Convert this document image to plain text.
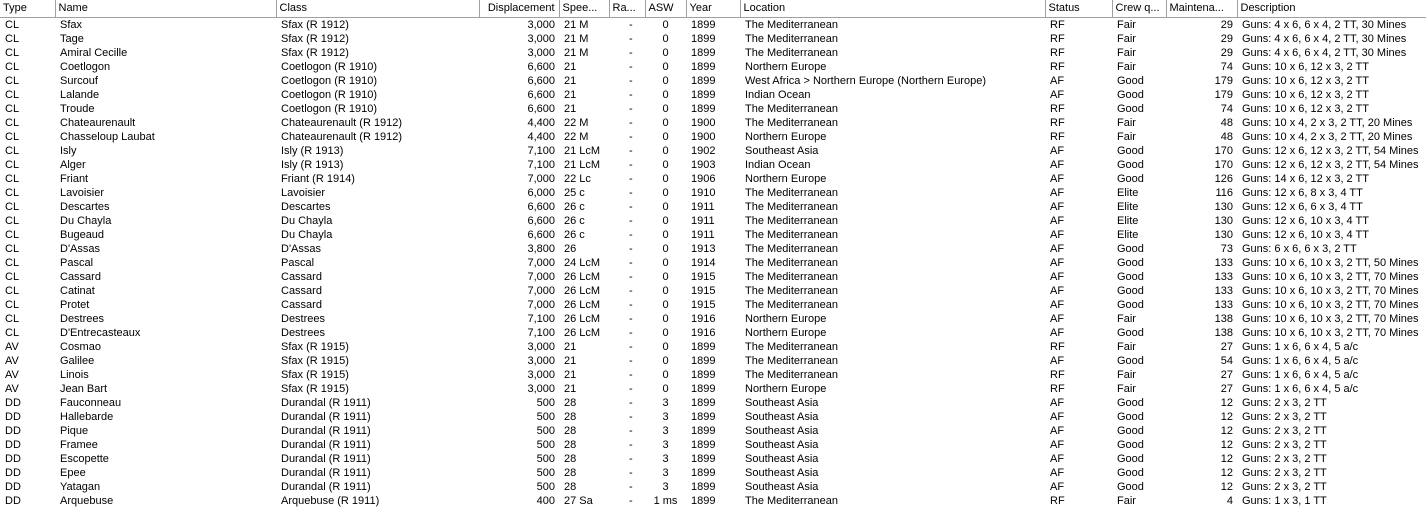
Type	Name	Class	Displacement	Spee...	Ra...	ASW	Year	Location	Status	Crew q...	Maintena...	Description
CL	Sfax	Sfax (R 1912)	3,000	21 M	-	0	1899	The Mediterranean	RF	Fair	29	Guns: 4 x 6, 6 x 4, 2 TT, 30 Mines
CL	Tage	Sfax (R 1912)	3,000	21 M	-	0	1899	The Mediterranean	RF	Fair	29	Guns: 4 x 6, 6 x 4, 2 TT, 30 Mines
CL	Amiral Cecille	Sfax (R 1912)	3,000	21 M	-	0	1899	The Mediterranean	RF	Fair	29	Guns: 4 x 6, 6 x 4, 2 TT, 30 Mines
CL	Coetlogon	Coetlogon (R 1910)	6,600	21	-	0	1899	Northern Europe	RF	Fair	74	Guns: 10 x 6, 12 x 3, 2 TT
CL	Surcouf	Coetlogon (R 1910)	6,600	21	-	0	1899	West Africa > Northern Europe (Northern Europe)	AF	Good	179	Guns: 10 x 6, 12 x 3, 2 TT
CL	Lalande	Coetlogon (R 1910)	6,600	21	-	0	1899	Indian Ocean	AF	Good	179	Guns: 10 x 6, 12 x 3, 2 TT
CL	Troude	Coetlogon (R 1910)	6,600	21	-	0	1899	The Mediterranean	RF	Good	74	Guns: 10 x 6, 12 x 3, 2 TT
CL	Chateaurenault	Chateaurenault (R 1912)	4,400	22 M	-	0	1900	The Mediterranean	RF	Fair	48	Guns: 10 x 4, 2 x 3, 2 TT, 20 Mines
CL	Chasseloup Laubat	Chateaurenault (R 1912)	4,400	22 M	-	0	1900	Northern Europe	RF	Fair	48	Guns: 10 x 4, 2 x 3, 2 TT, 20 Mines
CL	Isly	Isly (R 1913)	7,100	21 LcM	-	0	1902	Southeast Asia	AF	Good	170	Guns: 12 x 6, 12 x 3, 2 TT, 54 Mines
CL	Alger	Isly (R 1913)	7,100	21 LcM	-	0	1903	Indian Ocean	AF	Good	170	Guns: 12 x 6, 12 x 3, 2 TT, 54 Mines
CL	Friant	Friant (R 1914)	7,000	22 Lc	-	0	1906	Northern Europe	AF	Good	126	Guns: 14 x 6, 12 x 3, 2 TT
CL	Lavoisier	Lavoisier	6,000	25 c	-	0	1910	The Mediterranean	AF	Elite	116	Guns: 12 x 6, 8 x 3, 4 TT
CL	Descartes	Descartes	6,600	26 c	-	0	1911	The Mediterranean	AF	Elite	130	Guns: 12 x 6, 6 x 3, 4 TT
CL	Du Chayla	Du Chayla	6,600	26 c	-	0	1911	The Mediterranean	AF	Elite	130	Guns: 12 x 6, 10 x 3, 4 TT
CL	Bugeaud	Du Chayla	6,600	26 c	-	0	1911	The Mediterranean	AF	Elite	130	Guns: 12 x 6, 10 x 3, 4 TT
CL	D'Assas	D'Assas	3,800	26	-	0	1913	The Mediterranean	AF	Good	73	Guns: 6 x 6, 6 x 3, 2 TT
CL	Pascal	Pascal	7,000	24 LcM	-	0	1914	The Mediterranean	AF	Good	133	Guns: 10 x 6, 10 x 3, 2 TT, 50 Mines
CL	Cassard	Cassard	7,000	26 LcM	-	0	1915	The Mediterranean	AF	Good	133	Guns: 10 x 6, 10 x 3, 2 TT, 70 Mines
CL	Catinat	Cassard	7,000	26 LcM	-	0	1915	The Mediterranean	AF	Good	133	Guns: 10 x 6, 10 x 3, 2 TT, 70 Mines
CL	Protet	Cassard	7,000	26 LcM	-	0	1915	The Mediterranean	AF	Good	133	Guns: 10 x 6, 10 x 3, 2 TT, 70 Mines
CL	Destrees	Destrees	7,100	26 LcM	-	0	1916	Northern Europe	AF	Fair	138	Guns: 10 x 6, 10 x 3, 2 TT, 70 Mines
CL	D'Entrecasteaux	Destrees	7,100	26 LcM	-	0	1916	Northern Europe	AF	Good	138	Guns: 10 x 6, 10 x 3, 2 TT, 70 Mines
AV	Cosmao	Sfax (R 1915)	3,000	21	-	0	1899	The Mediterranean	RF	Fair	27	Guns: 1 x 6, 6 x 4, 5 a/c
AV	Galilee	Sfax (R 1915)	3,000	21	-	0	1899	The Mediterranean	AF	Good	54	Guns: 1 x 6, 6 x 4, 5 a/c
AV	Linois	Sfax (R 1915)	3,000	21	-	0	1899	The Mediterranean	RF	Fair	27	Guns: 1 x 6, 6 x 4, 5 a/c
AV	Jean Bart	Sfax (R 1915)	3,000	21	-	0	1899	Northern Europe	RF	Fair	27	Guns: 1 x 6, 6 x 4, 5 a/c
DD	Fauconneau	Durandal (R 1911)	500	28	-	3	1899	Southeast Asia	AF	Good	12	Guns: 2 x 3, 2 TT
DD	Hallebarde	Durandal (R 1911)	500	28	-	3	1899	Southeast Asia	AF	Good	12	Guns: 2 x 3, 2 TT
DD	Pique	Durandal (R 1911)	500	28	-	3	1899	Southeast Asia	AF	Good	12	Guns: 2 x 3, 2 TT
DD	Framee	Durandal (R 1911)	500	28	-	3	1899	Southeast Asia	AF	Good	12	Guns: 2 x 3, 2 TT
DD	Escopette	Durandal (R 1911)	500	28	-	3	1899	Southeast Asia	AF	Good	12	Guns: 2 x 3, 2 TT
DD	Epee	Durandal (R 1911)	500	28	-	3	1899	Southeast Asia	AF	Good	12	Guns: 2 x 3, 2 TT
DD	Yatagan	Durandal (R 1911)	500	28	-	3	1899	Southeast Asia	AF	Good	12	Guns: 2 x 3, 2 TT
DD	Arquebuse	Arquebuse (R 1911)	400	27 Sa	-	1 ms	1899	The Mediterranean	RF	Fair	4	Guns: 1 x 3, 1 TT
